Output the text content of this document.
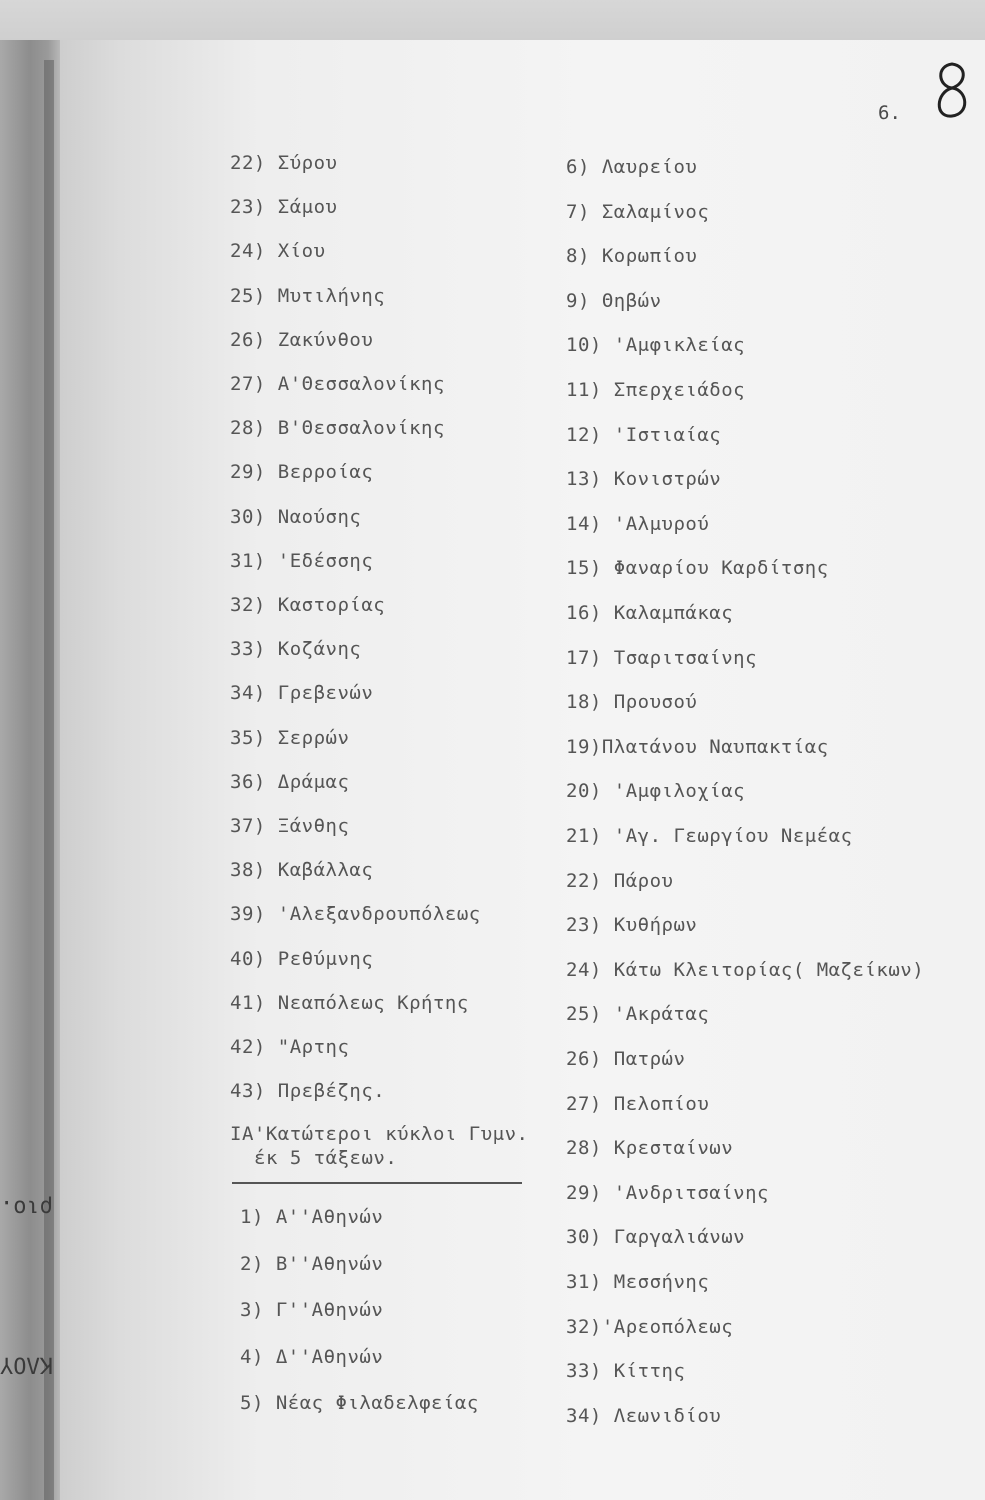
ριο.
ΚΛΟΥ
6.
22) Σύρου
23) Σάμου
24) Χίου
25) Μυτιλήνης
26) Ζακύνθου
27) Α'Θεσσαλονίκης
28) Β'Θεσσαλονίκης
29) Βερροίας
30) Ναούσης
31) 'Εδέσσης
32) Καστορίας
33) Κοζάνης
34) Γρεβενών
35) Σερρών
36) Δράμας
37) Ξάνθης
38) Καβάλλας
39) 'Αλεξανδρουπόλεως
40) Ρεθύμνης
41) Νεαπόλεως Κρήτης
42) "Αρτης
43) Πρεβέζης.
ΙΑ'Κατώτεροι κύκλοι Γυμν.
έκ 5 τάξεων.
1) Α''Αθηνών
2) Β''Αθηνών
3) Γ''Αθηνών
4) Δ''Αθηνών
5) Νέας Φιλαδελφείας
6) Λαυρείου
7) Σαλαμίνος
8) Κορωπίου
9) Θηβών
10) 'Αμφικλείας
11) Σπερχειάδος
12) 'Ιστιαίας
13) Κονιστρών
14) 'Αλμυρού
15) Φαναρίου Καρδίτσης
16) Καλαμπάκας
17) Τσαριτσαίνης
18) Προυσού
19)Πλατάνου Ναυπακτίας
20) 'Αμφιλοχίας
21) 'Αγ. Γεωργίου Νεμέας
22) Πάρου
23) Κυθήρων
24) Κάτω Κλειτορίας( Μαζείκων)
25) 'Ακράτας
26) Πατρών
27) Πελοπίου
28) Κρεσταίνων
29) 'Ανδριτσαίνης
30) Γαργαλιάνων
31) Μεσσήνης
32)'Αρεοπόλεως
33) Κίττης
34) Λεωνιδίου
